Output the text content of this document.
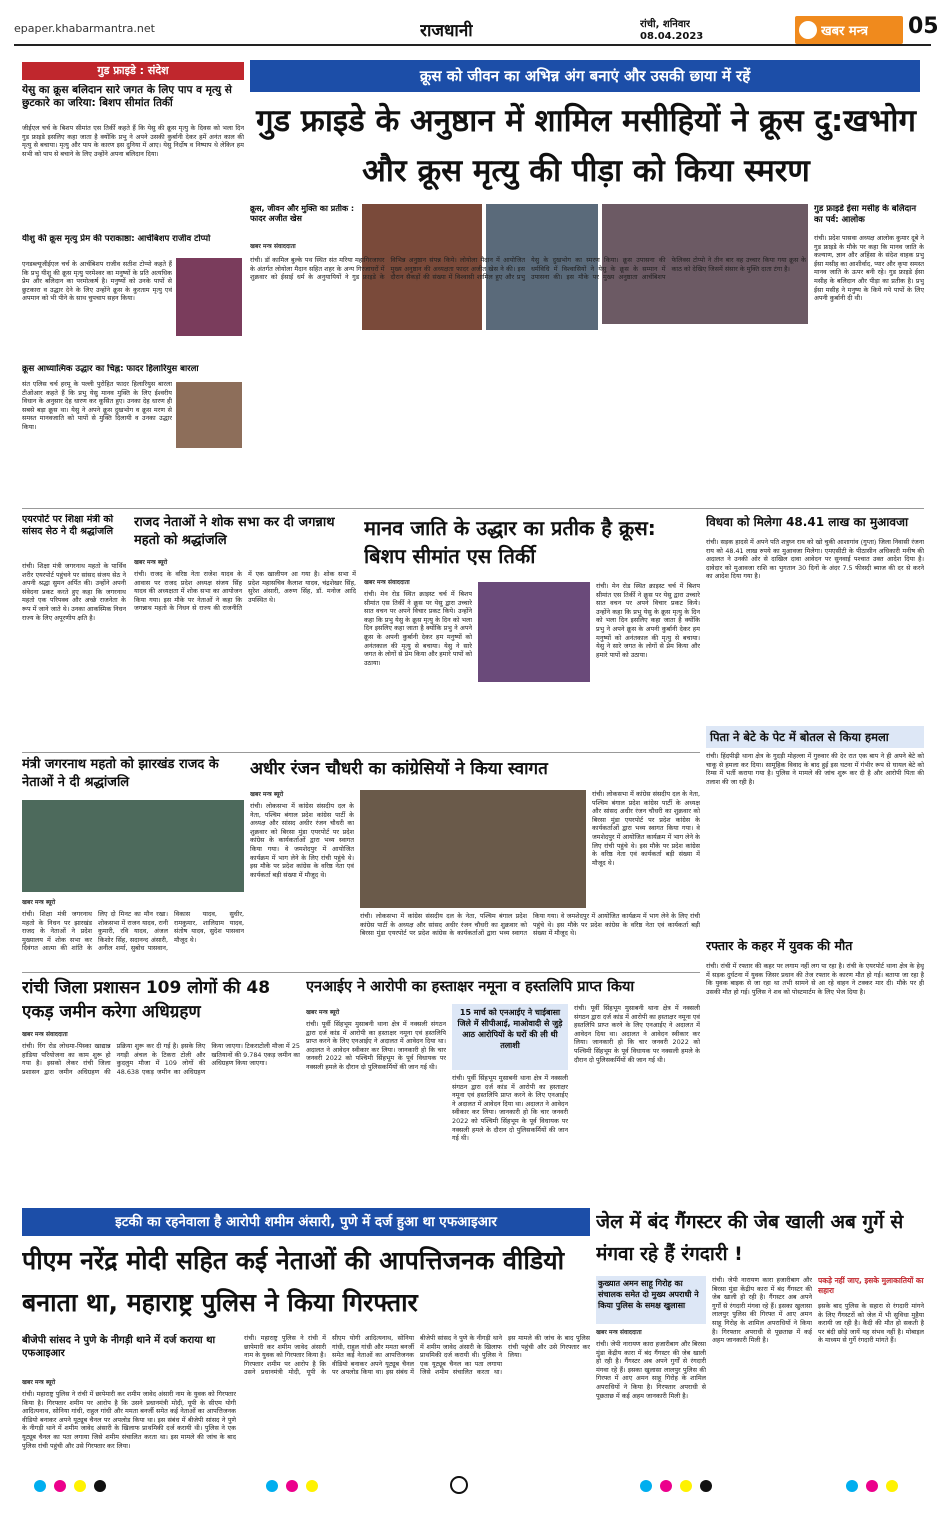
epaper.khabarmantra.net	राजधानी	रांची, शनिवार
08.04.2023	खबर मन्त्र 05
गुड फ्राइडे : संदेश
येसु का क्रूस बलिदान सारे जगत के लिए पाप व मृत्यु से छुटकारे का जरिया: बिशप सीमांत तिर्की
जीईएल चर्च के बिशप सीमांत एस तिर्की कहते हैं कि येसु की क्रूस मृत्यु के दिवस को भला दिन गुड फ्राइडे इसलिए कहा जाता है क्योंकि प्रभु ने अपने उसकी कुर्बानी देकर हमें अनंत काल की मृत्यु से बचाया। मृत्यु और पाप के कारण इस दुनिया में आए। येसु निर्दोष व निष्पाप थे लेकिन हम सभी को पाप से बचाने के लिए उन्होंने अपना बलिदान दिया।
यीशु की क्रूस मृत्यु प्रेम की पराकाष्ठा: आर्चबिशप राजीव टोप्पो
एनडब्ल्यूजीईएल चर्च के आर्चबिशप राजीव सतीश टोप्पो कहते हैं कि प्रभु यीशु की क्रूस मृत्यु परमेश्वर का मनुष्यों के प्रति अत्यधिक प्रेम और बलिदान का परमोत्कर्ष है। मनुष्यों को उनके पापों से छुटकारा व उद्धार देने के लिए उन्होंने क्रूस के कुरताम मृत्यु एवं अपमान को भी पीने के साथ चुपचाप सहन किया।
क्रूस आध्यात्मिक उद्धार का चिह्न: फादर हिलारियुस बारला
संत एलिस चर्च हरमू के पल्ली पुरोहित फादर हिलारियुस बारला टीओआर कहते हैं कि प्रभु येसु मानव मुक्ति के लिए ईश्वरीय विधान के अनुसार देह धारण कर कूसित हुए। उनका देह धारण ही सबसे बड़ा क्रूस था। येसु ने अपने क्रूस दुखभोग व क्रूस मरण से समस्त मानवजाति को पापों से मुक्ति दिलायी व उनका उद्धार किया।
क्रूस को जीवन का अभिन्न अंग बनाएं और उसकी छाया में रहें
गुड फ्राइडे के अनुष्ठान में शामिल मसीहियों ने क्रूस दु:खभोग और क्रूस मृत्यु की पीड़ा को किया स्मरण
क्रूस, जीवन और मुक्ति का प्रतीक : फादर अजीत खेस
खबर मन्त्र संवाददाता
रांची। डॉ कामिल बुल्के पथ स्थित संत मरिया महागिरजाघर के अंतर्गत लोयोला मैदान सहित शहर के अन्य गिरजाघरों में शुक्रवार को ईसाई धर्म के अनुयायियों ने गुड फ्राइडे के विभिन्न अनुष्ठान संपन्न किये। लोयोला मैदान में आयोजित मुख्य अनुष्ठान की अध्यक्षता फादर अजीत खेस ने की। इस दौरान सैकड़ों की संख्या में विश्वासी शामिल हुए और प्रभु येसु के दुखभोग का स्मरण किया। क्रूस उपासना की धर्मविधि में विश्वासियों ने येसु के क्रूस के सम्मान में उपासना की। इस मौके पर मुख्य अनुष्ठाता आर्चबिशप फेलिक्स टोप्पो ने तीन बार वह उच्चार किया गया क्रूस के काठ को देखिए जिसमें संसार के मुक्ति दाता टंगा है।
गुड फ्राइडे ईसा मसीह के बलिदान का पर्व: आलोक
रांची। प्रदेश पासवा अध्यक्ष आलोक कुमार दूबे ने गुड फ्राइडे के मौके पर कहा कि मानव जाति के कल्याण, ज्ञान और अहिंसा के संदेश वाहक प्रभु ईसा मसीह का आशीर्वाद, प्यार और कृपा समस्त मानव जाति के ऊपर बनी रहे। गुड फ्राइडे ईसा मसीह के बलिदान और पीड़ा का प्रतीक है। प्रभु ईसा मसीह ने मनुष्य के किये गये पापों के लिए अपनी कुर्बानी दी थी।
एयरपोर्ट पर शिक्षा मंत्री को सांसद सेठ ने दी श्रद्धांजलि
रांची। शिक्षा मंत्री जगरनाथ महतो के पार्थिव शरीर एयरपोर्ट पहुंचने पर सांसद संजय सेठ ने अपनी श्रद्धा सुमन अर्पित की। उन्होंने अपनी संवेदना प्रकट करते हुए कहा कि जगरनाथ महतो एक परिपक्व और अच्छे राजनेता के रूप में जाने जाते थे। उनका आकस्मिक निधन राज्य के लिए अपूरणीय क्षति है।
राजद नेताओं ने शोक सभा कर दी जगन्नाथ महतो को श्रद्धांजलि
खबर मन्त्र ब्यूरो
रांची। राजद के वरिष्ठ नेता राजेश यादव के आवास पर राजद प्रदेश अध्यक्ष संजय सिंह यादव की अध्यक्षता में शोक सभा का आयोजन किया गया। इस मौके पर नेताओं ने कहा कि जगन्नाथ महतो के निधन से राज्य की राजनीति में एक खालीपन आ गया है। शोक सभा में प्रदेश महासचिव कैलाश यादव, चंद्रशेखर सिंह, सुरेश अंसारी, अरुण सिंह, डॉ. मनोज आदि उपस्थित थे।
मानव जाति के उद्धार का प्रतीक है क्रूस: बिशप सीमांत एस तिर्की
खबर मन्त्र संवाददाता
रांची। मेन रोड स्थित क्राइस्ट चर्च में बिशप सीमांत एस तिर्की ने क्रूस पर येसु द्वारा उच्चारे सात वचन पर अपने विचार प्रकट किये। उन्होंने कहा कि प्रभु येसु के क्रूस मृत्यु के दिन को भला दिन इसलिए कहा जाता है क्योंकि प्रभु ने अपने क्रूस के अपनी कुर्बानी देकर हम मनुष्यों को अनंतकाल की मृत्यु से बचाया। येसु ने सारे जगत के लोगों से प्रेम किया और हमारे पापों को उठाया।
रांची। मेन रोड स्थित क्राइस्ट चर्च में बिशप सीमांत एस तिर्की ने क्रूस पर येसु द्वारा उच्चारे सात वचन पर अपने विचार प्रकट किये। उन्होंने कहा कि प्रभु येसु के क्रूस मृत्यु के दिन को भला दिन इसलिए कहा जाता है क्योंकि प्रभु ने अपने क्रूस के अपनी कुर्बानी देकर हम मनुष्यों को अनंतकाल की मृत्यु से बचाया। येसु ने सारे जगत के लोगों से प्रेम किया और हमारे पापों को उठाया।
विधवा को मिलेगा 48.41 लाख का मुआवजा
रांची। सड़क हादसे में अपने पति शत्रुघ्न राय को खो चुकी आशागांव (गुप्ता) जिला निवासी रंजना राय को 48.41 लाख रुपये का मुआवजा मिलेगा। एमएसीटी के पीठासीन अधिकारी मनीष की अदालत ने उनकी ओर से दाखिल दावा आवेदन पर सुनवाई पश्चात उक्त आदेश दिया है। दावेदार को मुआवजा राशि का भुगतान 30 दिनों के अंदर 7.5 फीसदी ब्याज की दर से करने का आदेश दिया गया है।
पिता ने बेटे के पेट में बोतल से किया हमला
रांची। हिंदपीढ़ी थाना क्षेत्र के गुदड़ी मोहल्ला में गुरुवार की देर रात एक बाप ने ही अपने बेटे को चाकू से हमला कर दिया। सामूहिक विवाद के बाद हुई इस घटना में गंभीर रूप से घायल बेटे को रिम्स में भर्ती कराया गया है। पुलिस ने मामले की जांच शुरू कर दी है और आरोपी पिता की तलाश की जा रही है।
मंत्री जगरनाथ महतो को झारखंड राजद के नेताओं ने दी श्रद्धांजलि
खबर मन्त्र ब्यूरो
रांची। शिक्षा मंत्री जगरनाथ महतो के निधन पर झारखंड राजद के नेताओं ने प्रदेश मुख्यालय में शोक सभा कर दिवंगत आत्मा की शांति के लिए दो मिनट का मौन रखा। शोकसभा में राजन यादव, रानी कुमारी, रवि यादव, अंजल किशोर सिंह, सदानन्द अंसारी, अनील शर्मा, सुबोध पासवान, विकास यादव, सुधीर, रामकुमार, शालिग्राम यादव, संतोष यादव, सुदेश पासवान मौजूद थे।
अधीर रंजन चौधरी का कांग्रेसियों ने किया स्वागत
खबर मन्त्र ब्यूरो
रांची। लोकसभा में कांग्रेस संसदीय दल के नेता, पश्चिम बंगाल प्रदेश कांग्रेस पार्टी के अध्यक्ष और सांसद अधीर रंजन चौधरी का शुक्रवार को बिरसा मुंडा एयरपोर्ट पर प्रदेश कांग्रेस के कार्यकर्ताओं द्वारा भव्य स्वागत किया गया। वे जमशेदपुर में आयोजित कार्यक्रम में भाग लेने के लिए रांची पहुंचे थे। इस मौके पर प्रदेश कांग्रेस के वरिष्ठ नेता एवं कार्यकर्ता बड़ी संख्या में मौजूद थे।
रांची। लोकसभा में कांग्रेस संसदीय दल के नेता, पश्चिम बंगाल प्रदेश कांग्रेस पार्टी के अध्यक्ष और सांसद अधीर रंजन चौधरी का शुक्रवार को बिरसा मुंडा एयरपोर्ट पर प्रदेश कांग्रेस के कार्यकर्ताओं द्वारा भव्य स्वागत किया गया। वे जमशेदपुर में आयोजित कार्यक्रम में भाग लेने के लिए रांची पहुंचे थे। इस मौके पर प्रदेश कांग्रेस के वरिष्ठ नेता एवं कार्यकर्ता बड़ी संख्या में मौजूद थे।
रांची। लोकसभा में कांग्रेस संसदीय दल के नेता, पश्चिम बंगाल प्रदेश कांग्रेस पार्टी के अध्यक्ष और सांसद अधीर रंजन चौधरी का शुक्रवार को बिरसा मुंडा एयरपोर्ट पर प्रदेश कांग्रेस के कार्यकर्ताओं द्वारा भव्य स्वागत किया गया। वे जमशेदपुर में आयोजित कार्यक्रम में भाग लेने के लिए रांची पहुंचे थे। इस मौके पर प्रदेश कांग्रेस के वरिष्ठ नेता एवं कार्यकर्ता बड़ी संख्या में मौजूद थे।
रफ्तार के कहर में युवक की मौत
रांची। रांची में रफ्तार की कहर पर लगाम नहीं लग पा रहा है। रांची के एयरपोर्ट थाना क्षेत्र के हेथू में सड़क दुर्घटना में युवक जिसर प्रधान की तेज रफ्तार के कारण मौत हो गई। बताया जा रहा है कि युवक बाइक से जा रहा था तभी सामने से आ रहे वाहन ने टक्कर मार दी। मौके पर ही उसकी मौत हो गई। पुलिस ने शव को पोस्टमार्टम के लिए भेज दिया है।
रांची जिला प्रशासन 109 लोगों की 48 एकड़ जमीन करेगा अधिग्रहण
खबर मन्त्र संवाददाता
रांची। रिंग रोड लोधमा-पिस्का खाद्यान्न हांडिया परियोजना का काम शुरू हो गया है। इसको लेकर रांची जिला प्रशासन द्वारा जमीन अधिग्रहण की प्रक्रिया शुरू कर दी गई है। इसके लिए नगड़ी अंचल के टिकरा टोली और कुदलुम मौजा में 109 लोगों की 48.638 एकड़ जमीन का अधिग्रहण किया जाएगा। टिकराटोली मौजा में 25 खतियानों की 9.784 एकड़ जमीन का अधिग्रहण किया जाएगा।
एनआईए ने आरोपी का हस्ताक्षर नमूना व हस्तलिपि प्राप्त किया
खबर मन्त्र ब्यूरो
रांची। पूर्वी सिंहभूम मुसाबनी थाना क्षेत्र में नक्सली संगठन द्वारा दर्ज कांड में आरोपी का हस्ताक्षर नमूना एवं हस्तलिपि प्राप्त करने के लिए एनआईए ने अदालत में आवेदन दिया था। अदालत ने आवेदन स्वीकार कर लिया। जानकारी हो कि चार जनवरी 2022 को पश्चिमी सिंहभूम के पूर्व विधायक पर नक्सली हमले के दौरान दो पुलिसकर्मियों की जान गई थी।
15 मार्च को एनआईए ने चाईबासा जिले में सीपीआई, माओवादी से जुड़े आठ आरोपियों के घरों की ली थी तलाशी
रांची। पूर्वी सिंहभूम मुसाबनी थाना क्षेत्र में नक्सली संगठन द्वारा दर्ज कांड में आरोपी का हस्ताक्षर नमूना एवं हस्तलिपि प्राप्त करने के लिए एनआईए ने अदालत में आवेदन दिया था। अदालत ने आवेदन स्वीकार कर लिया। जानकारी हो कि चार जनवरी 2022 को पश्चिमी सिंहभूम के पूर्व विधायक पर नक्सली हमले के दौरान दो पुलिसकर्मियों की जान गई थी।
रांची। पूर्वी सिंहभूम मुसाबनी थाना क्षेत्र में नक्सली संगठन द्वारा दर्ज कांड में आरोपी का हस्ताक्षर नमूना एवं हस्तलिपि प्राप्त करने के लिए एनआईए ने अदालत में आवेदन दिया था। अदालत ने आवेदन स्वीकार कर लिया। जानकारी हो कि चार जनवरी 2022 को पश्चिमी सिंहभूम के पूर्व विधायक पर नक्सली हमले के दौरान दो पुलिसकर्मियों की जान गई थी।
इटकी का रहनेवाला है आरोपी शमीम अंसारी, पुणे में दर्ज हुआ था एफआइआर
पीएम नरेंद्र मोदी सहित कई नेताओं की आपत्तिजनक वीडियो बनाता था, महाराष्ट्र पुलिस ने किया गिरफ्तार
बीजेपी सांसद ने पुणे के नीगड़ी थाने में दर्ज कराया था एफआइआर
खबर मन्त्र ब्यूरो
रांची। महाराष्ट्र पुलिस ने रांची में छापेमारी कर शमीम जावेद अंसारी नाम के युवक को गिरफ्तार किया है। गिरफ्तार शमीम पर आरोप है कि उसने प्रधानमंत्री मोदी, यूपी के सीएम योगी आदित्यनाथ, सोनिया गांधी, राहुल गांधी और ममता बनर्जी समेत कई नेताओं का आपत्तिजनक वीडियो बनाकर अपने यूट्यूब चैनल पर अपलोड किया था। इस संबंध में बीजेपी सांसद ने पुणे के नीगड़ी थाने में शमीम जावेद अंसारी के खिलाफ प्राथमिकी दर्ज करायी थी। पुलिस ने एक यूट्यूब चैनल का पता लगाया जिसे शमीम संचालित करता था। इस मामले की जांच के बाद पुलिस रांची पहुंची और उसे गिरफ्तार कर लिया।
रांची। महाराष्ट्र पुलिस ने रांची में छापेमारी कर शमीम जावेद अंसारी नाम के युवक को गिरफ्तार किया है। गिरफ्तार शमीम पर आरोप है कि उसने प्रधानमंत्री मोदी, यूपी के सीएम योगी आदित्यनाथ, सोनिया गांधी, राहुल गांधी और ममता बनर्जी समेत कई नेताओं का आपत्तिजनक वीडियो बनाकर अपने यूट्यूब चैनल पर अपलोड किया था। इस संबंध में बीजेपी सांसद ने पुणे के नीगड़ी थाने में शमीम जावेद अंसारी के खिलाफ प्राथमिकी दर्ज करायी थी। पुलिस ने एक यूट्यूब चैनल का पता लगाया जिसे शमीम संचालित करता था। इस मामले की जांच के बाद पुलिस रांची पहुंची और उसे गिरफ्तार कर लिया।
जेल में बंद गैंगस्टर की जेब खाली अब गुर्गे से मंगवा रहे हैं रंगदारी !
कुख्यात अमन साहू गिरोह का संचालक समेत दो मुख्य अपराधी ने किया पुलिस के समक्ष खुलासा
खबर मन्त्र संवाददाता
रांची। जेपी नारायण कारा हजारीबाग और बिरसा मुंडा केंद्रीय कारा में बंद गैंगस्टर की जेब खाली हो रही है। गैंगस्टर अब अपने गुर्गों से रंगदारी मंगवा रहे हैं। इसका खुलासा लालपुर पुलिस की गिरफ्त में आए अमन साहू गिरोह के शामिल अपराधियों ने किया है। गिरफ्तार अपराधी से पूछताछ में कई अहम जानकारी मिली है।
रांची। जेपी नारायण कारा हजारीबाग और बिरसा मुंडा केंद्रीय कारा में बंद गैंगस्टर की जेब खाली हो रही है। गैंगस्टर अब अपने गुर्गों से रंगदारी मंगवा रहे हैं। इसका खुलासा लालपुर पुलिस की गिरफ्त में आए अमन साहू गिरोह के शामिल अपराधियों ने किया है। गिरफ्तार अपराधी से पूछताछ में कई अहम जानकारी मिली है।
पकड़े नहीं जाए, इसके मुलाकातियों का सहारा
इसके बाद पुलिस के सहारा से रंगदारी मांगने के लिए गैंगस्टरों को जेल में भी सुविधा मुहैया करायी जा रही है। कैदी की मौत हो सकती है पर बंदी छोड़े जायें यह संभव नहीं है। मोबाइल के माध्यम से गुर्गे रंगदारी मांगते हैं।
